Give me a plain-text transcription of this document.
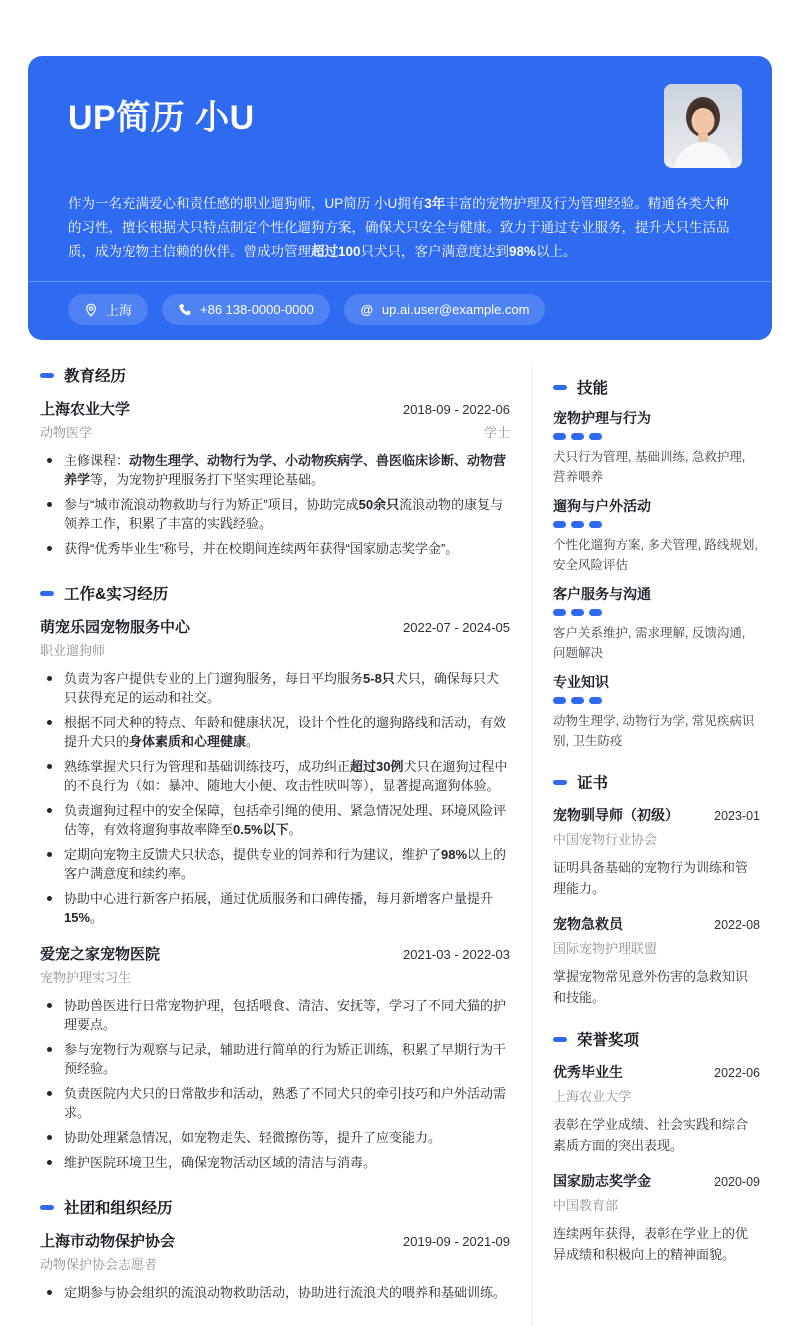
UP简历 小U
作为一名充满爱心和责任感的职业遛狗师，UP简历 小U拥有3年丰富的宠物护理及行为管理经验。精通各类犬种的习性，擅长根据犬只特点制定个性化遛狗方案，确保犬只安全与健康。致力于通过专业服务，提升犬只生活品质，成为宠物主信赖的伙伴。曾成功管理超过100只犬只，客户满意度达到98%以上。
上海	+86 138-0000-0000	@ up.ai.user@example.com
教育经历
上海农业大学	2018-09 - 2022-06
动物医学	学士
主修课程：动物生理学、动物行为学、小动物疾病学、兽医临床诊断、动物营养学等，为宠物护理服务打下坚实理论基础。
参与“城市流浪动物救助与行为矫正”项目，协助完成50余只流浪动物的康复与领养工作，积累了丰富的实践经验。
获得“优秀毕业生”称号，并在校期间连续两年获得“国家励志奖学金”。
工作&实习经历
萌宠乐园宠物服务中心	2022-07 - 2024-05
职业遛狗师
负责为客户提供专业的上门遛狗服务，每日平均服务5-8只犬只，确保每只犬只获得充足的运动和社交。
根据不同犬种的特点、年龄和健康状况，设计个性化的遛狗路线和活动，有效提升犬只的身体素质和心理健康。
熟练掌握犬只行为管理和基础训练技巧，成功纠正超过30例犬只在遛狗过程中的不良行为（如：暴冲、随地大小便、攻击性吠叫等），显著提高遛狗体验。
负责遛狗过程中的安全保障，包括牵引绳的使用、紧急情况处理、环境风险评估等，有效将遛狗事故率降至0.5%以下。
定期向宠物主反馈犬只状态，提供专业的饲养和行为建议，维护了98%以上的客户满意度和续约率。
协助中心进行新客户拓展，通过优质服务和口碑传播，每月新增客户量提升15%。
爱宠之家宠物医院	2021-03 - 2022-03
宠物护理实习生
协助兽医进行日常宠物护理，包括喂食、清洁、安抚等，学习了不同犬猫的护理要点。
参与宠物行为观察与记录，辅助进行简单的行为矫正训练，积累了早期行为干预经验。
负责医院内犬只的日常散步和活动，熟悉了不同犬只的牵引技巧和户外活动需求。
协助处理紧急情况，如宠物走失、轻微擦伤等，提升了应变能力。
维护医院环境卫生，确保宠物活动区域的清洁与消毒。
社团和组织经历
上海市动物保护协会	2019-09 - 2021-09
动物保护协会志愿者
定期参与协会组织的流浪动物救助活动，协助进行流浪犬的喂养和基础训练。
技能
宠物护理与行为
犬只行为管理, 基础训练, 急救护理, 营养喂养
遛狗与户外活动
个性化遛狗方案, 多犬管理, 路线规划, 安全风险评估
客户服务与沟通
客户关系维护, 需求理解, 反馈沟通, 问题解决
专业知识
动物生理学, 动物行为学, 常见疾病识别, 卫生防疫
证书
宠物驯导师（初级）	2023-01
中国宠物行业协会
证明具备基础的宠物行为训练和管理能力。
宠物急救员	2022-08
国际宠物护理联盟
掌握宠物常见意外伤害的急救知识和技能。
荣誉奖项
优秀毕业生	2022-06
上海农业大学
表彰在学业成绩、社会实践和综合素质方面的突出表现。
国家励志奖学金	2020-09
中国教育部
连续两年获得，表彰在学业上的优异成绩和积极向上的精神面貌。
